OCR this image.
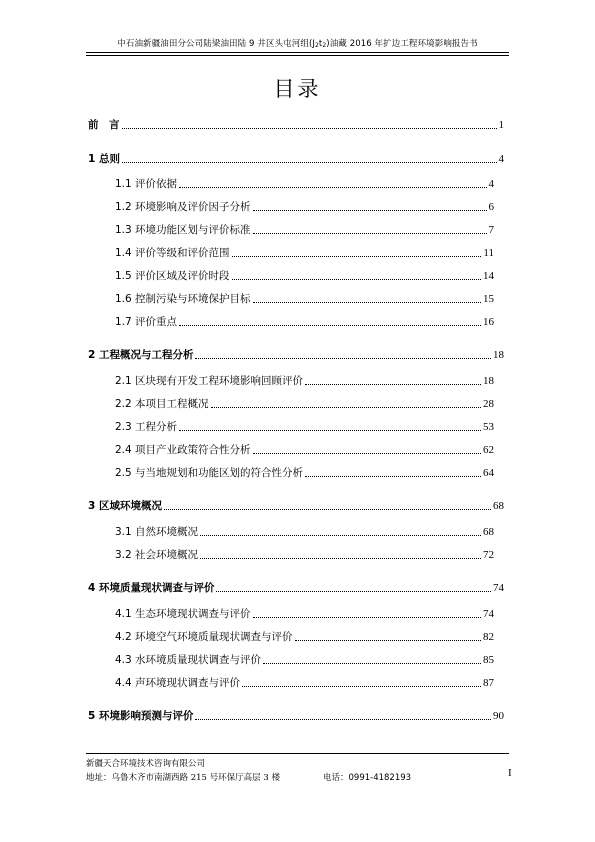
中石油新疆油田分公司陆梁油田陆 9 井区头屯河组$(J_2t_2)$油藏 2016 年扩边工程环境影响报告书
目录
前　言	1
1 总则	4
1.1 评价依据	4
1.2 环境影响及评价因子分析	6
1.3 环境功能区划与评价标准	7
1.4 评价等级和评价范围	11
1.5 评价区域及评价时段	14
1.6 控制污染与环境保护目标	15
1.7 评价重点	16
2 工程概况与工程分析	18
2.1 区块现有开发工程环境影响回顾评价	18
2.2 本项目工程概况	28
2.3 工程分析	53
2.4 项目产业政策符合性分析	62
2.5 与当地规划和功能区划的符合性分析	64
3 区域环境概况	68
3.1 自然环境概况	68
3.2 社会环境概况	72
4 环境质量现状调查与评价	74
4.1 生态环境现状调查与评价	74
4.2 环境空气环境质量现状调查与评价	82
4.3 水环境质量现状调查与评价	85
4.4 声环境现状调查与评价	87
5 环境影响预测与评价	90
新疆天合环境技术咨询有限公司
地址：乌鲁木齐市南湖西路 215 号环保厅高层 3 楼	电话：0991-4182193	I
